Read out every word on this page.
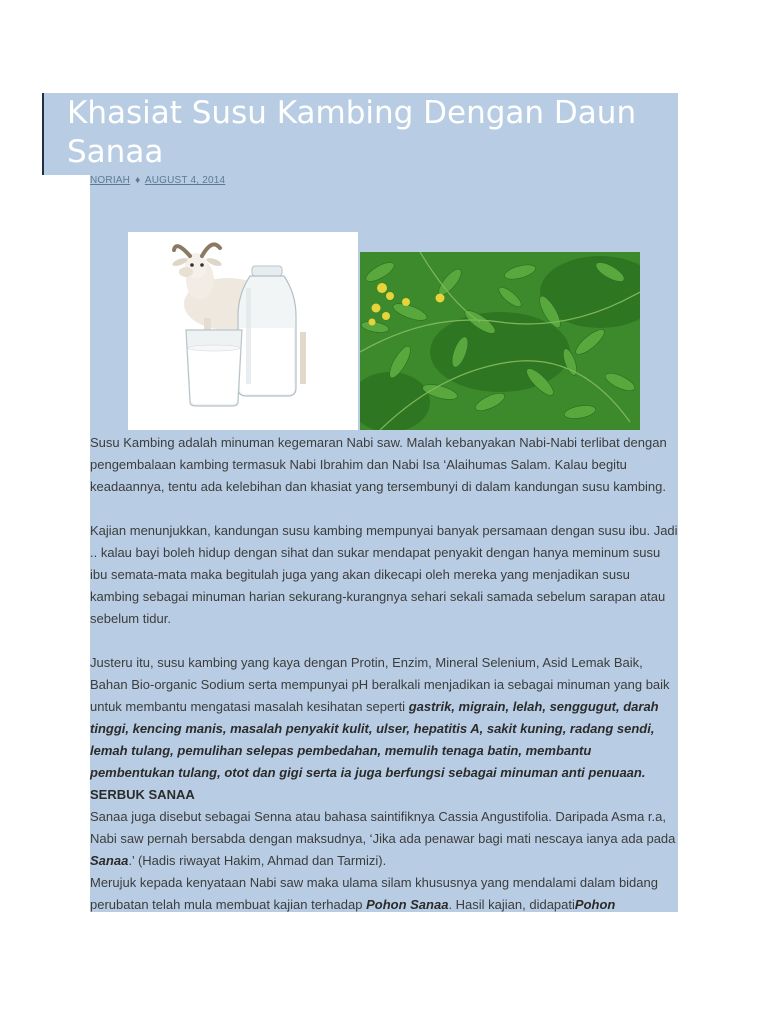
Khasiat Susu Kambing Dengan Daun Sanaa
NORIAH ♦ AUGUST 4, 2014

Susu Kambing adalah minuman kegemaran Nabi saw. Malah kebanyakan Nabi-Nabi terlibat dengan pengembalaan kambing termasuk Nabi Ibrahim dan Nabi Isa ‘Alaihumas Salam. Kalau begitu keadaannya, tentu ada kelebihan dan khasiat yang tersembunyi di dalam kandungan susu kambing.

Kajian menunjukkan, kandungan susu kambing mempunyai banyak persamaan dengan susu ibu. Jadi .. kalau bayi boleh hidup dengan sihat dan sukar mendapat penyakit dengan hanya meminum susu ibu semata-mata maka begitulah juga yang akan dikecapi oleh mereka yang menjadikan susu kambing sebagai minuman harian sekurang-kurangnya sehari sekali samada sebelum sarapan atau sebelum tidur.

Justeru itu, susu kambing yang kaya dengan Protin, Enzim, Mineral Selenium, Asid Lemak Baik, Bahan Bio-organic Sodium serta mempunyai pH beralkali menjadikan ia sebagai minuman yang baik untuk membantu mengatasi masalah kesihatan seperti gastrik, migrain, lelah, senggugut, darah tinggi, kencing manis, masalah penyakit kulit, ulser, hepatitis A, sakit kuning, radang sendi, lemah tulang, pemulihan selepas pembedahan, memulih tenaga batin, membantu pembentukan tulang, otot dan gigi serta ia juga berfungsi sebagai minuman anti penuaan.

SERBUK SANAA

Sanaa juga disebut sebagai Senna atau bahasa saintifiknya Cassia Angustifolia. Daripada Asma r.a, Nabi saw pernah bersabda dengan maksudnya, ‘Jika ada penawar bagi mati nescaya ianya ada pada Sanaa.’ (Hadis riwayat Hakim, Ahmad dan Tarmizi).

Merujuk kepada kenyataan Nabi saw maka ulama silam khususnya yang mendalami dalam bidang perubatan telah mula membuat kajian terhadap Pohon Sanaa. Hasil kajian, didapatiPohon
